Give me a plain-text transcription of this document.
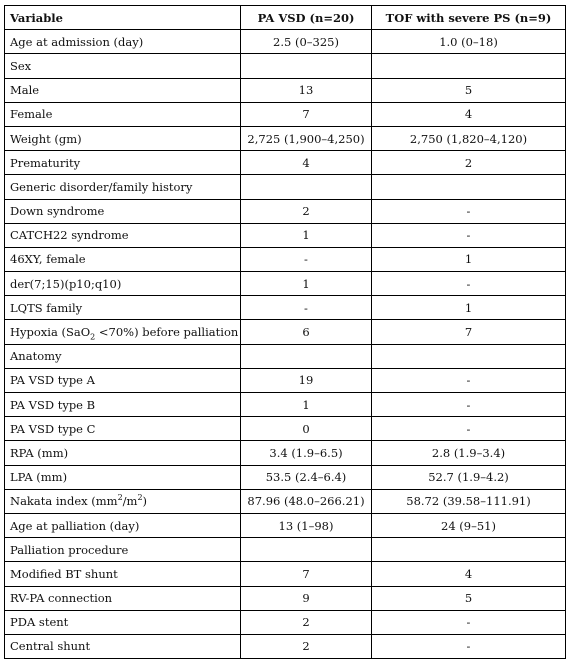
Variable	PA VSD (n=20)	TOF with severe PS (n=9)
Age at admission (day)	2.5 (0–325)	1.0 (0–18)
Sex		
Male	13	5
Female	7	4
Weight (gm)	2,725 (1,900–4,250)	2,750 (1,820–4,120)
Prematurity	4	2
Generic disorder/family history		
Down syndrome	2	-
CATCH22 syndrome	1	-
46XY, female	-	1
der(7;15)(p10;q10)	1	-
LQTS family	-	1
Hypoxia (SaO$_2$ <70%) before palliation	6	7
Anatomy		
PA VSD type A	19	-
PA VSD type B	1	-
PA VSD type C	0	-
RPA (mm)	3.4 (1.9–6.5)	2.8 (1.9–3.4)
LPA (mm)	53.5 (2.4–6.4)	52.7 (1.9–4.2)
Nakata index $(mm^2/m^2)$	87.96 (48.0–266.21)	58.72 (39.58–111.91)
Age at palliation (day)	13 (1–98)	24 (9–51)
Palliation procedure		
Modified BT shunt	7	4
RV-PA connection	9	5
PDA stent	2	-
Central shunt	2	-
